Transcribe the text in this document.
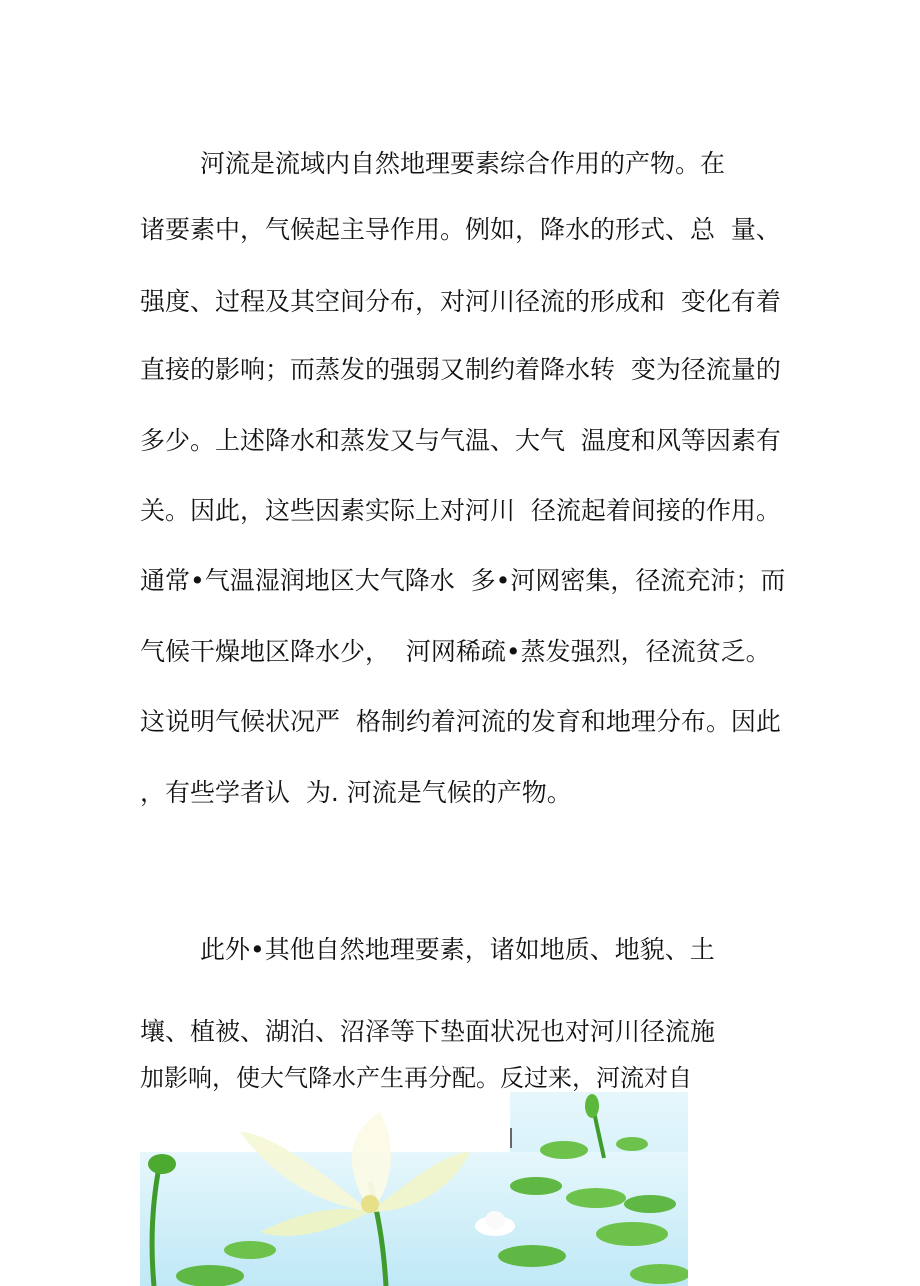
河流是流域内自然地理要素综合作用的产物。在

诸要素中，气候起主导作用。例如，降水的形式、总  量、

强度、过程及其空间分布，对河川径流的形成和  变化有着

直接的影响；而蒸发的强弱又制约着降水转  变为径流量的

多少。上述降水和蒸发又与气温、大气  温度和风等因素有

关。因此，这些因素实际上对河川  径流起着间接的作用。

通常•气温湿润地区大气降水  多•河网密集，径流充沛；而

气候干燥地区降水少，  河网稀疏•蒸发强烈，径流贫乏。

这说明气候状况严  格制约着河流的发育和地理分布。因此

，有些学者认  为. 河流是气候的产物。

此外•其他自然地理要素，诸如地质、地貌、土

壤、植被、湖泊、沼泽等下垫面状况也对河川径流施

加影响，使大气降水产生再分配。反过来，河流对自
